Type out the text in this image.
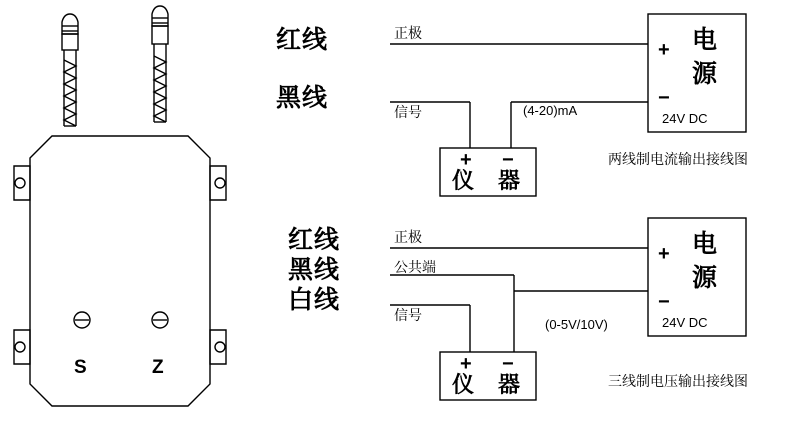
S	Z
红线
黑线
正极
信号	(4-20)mA
+
−
电
源
24V DC
+ −
仪 器
两线制电流输出接线图
红线
黑线
白线
正极
公共端
信号
(0-5V/10V)
+
−
电
源
24V DC
+ −
仪 器	三线制电压输出接线图
